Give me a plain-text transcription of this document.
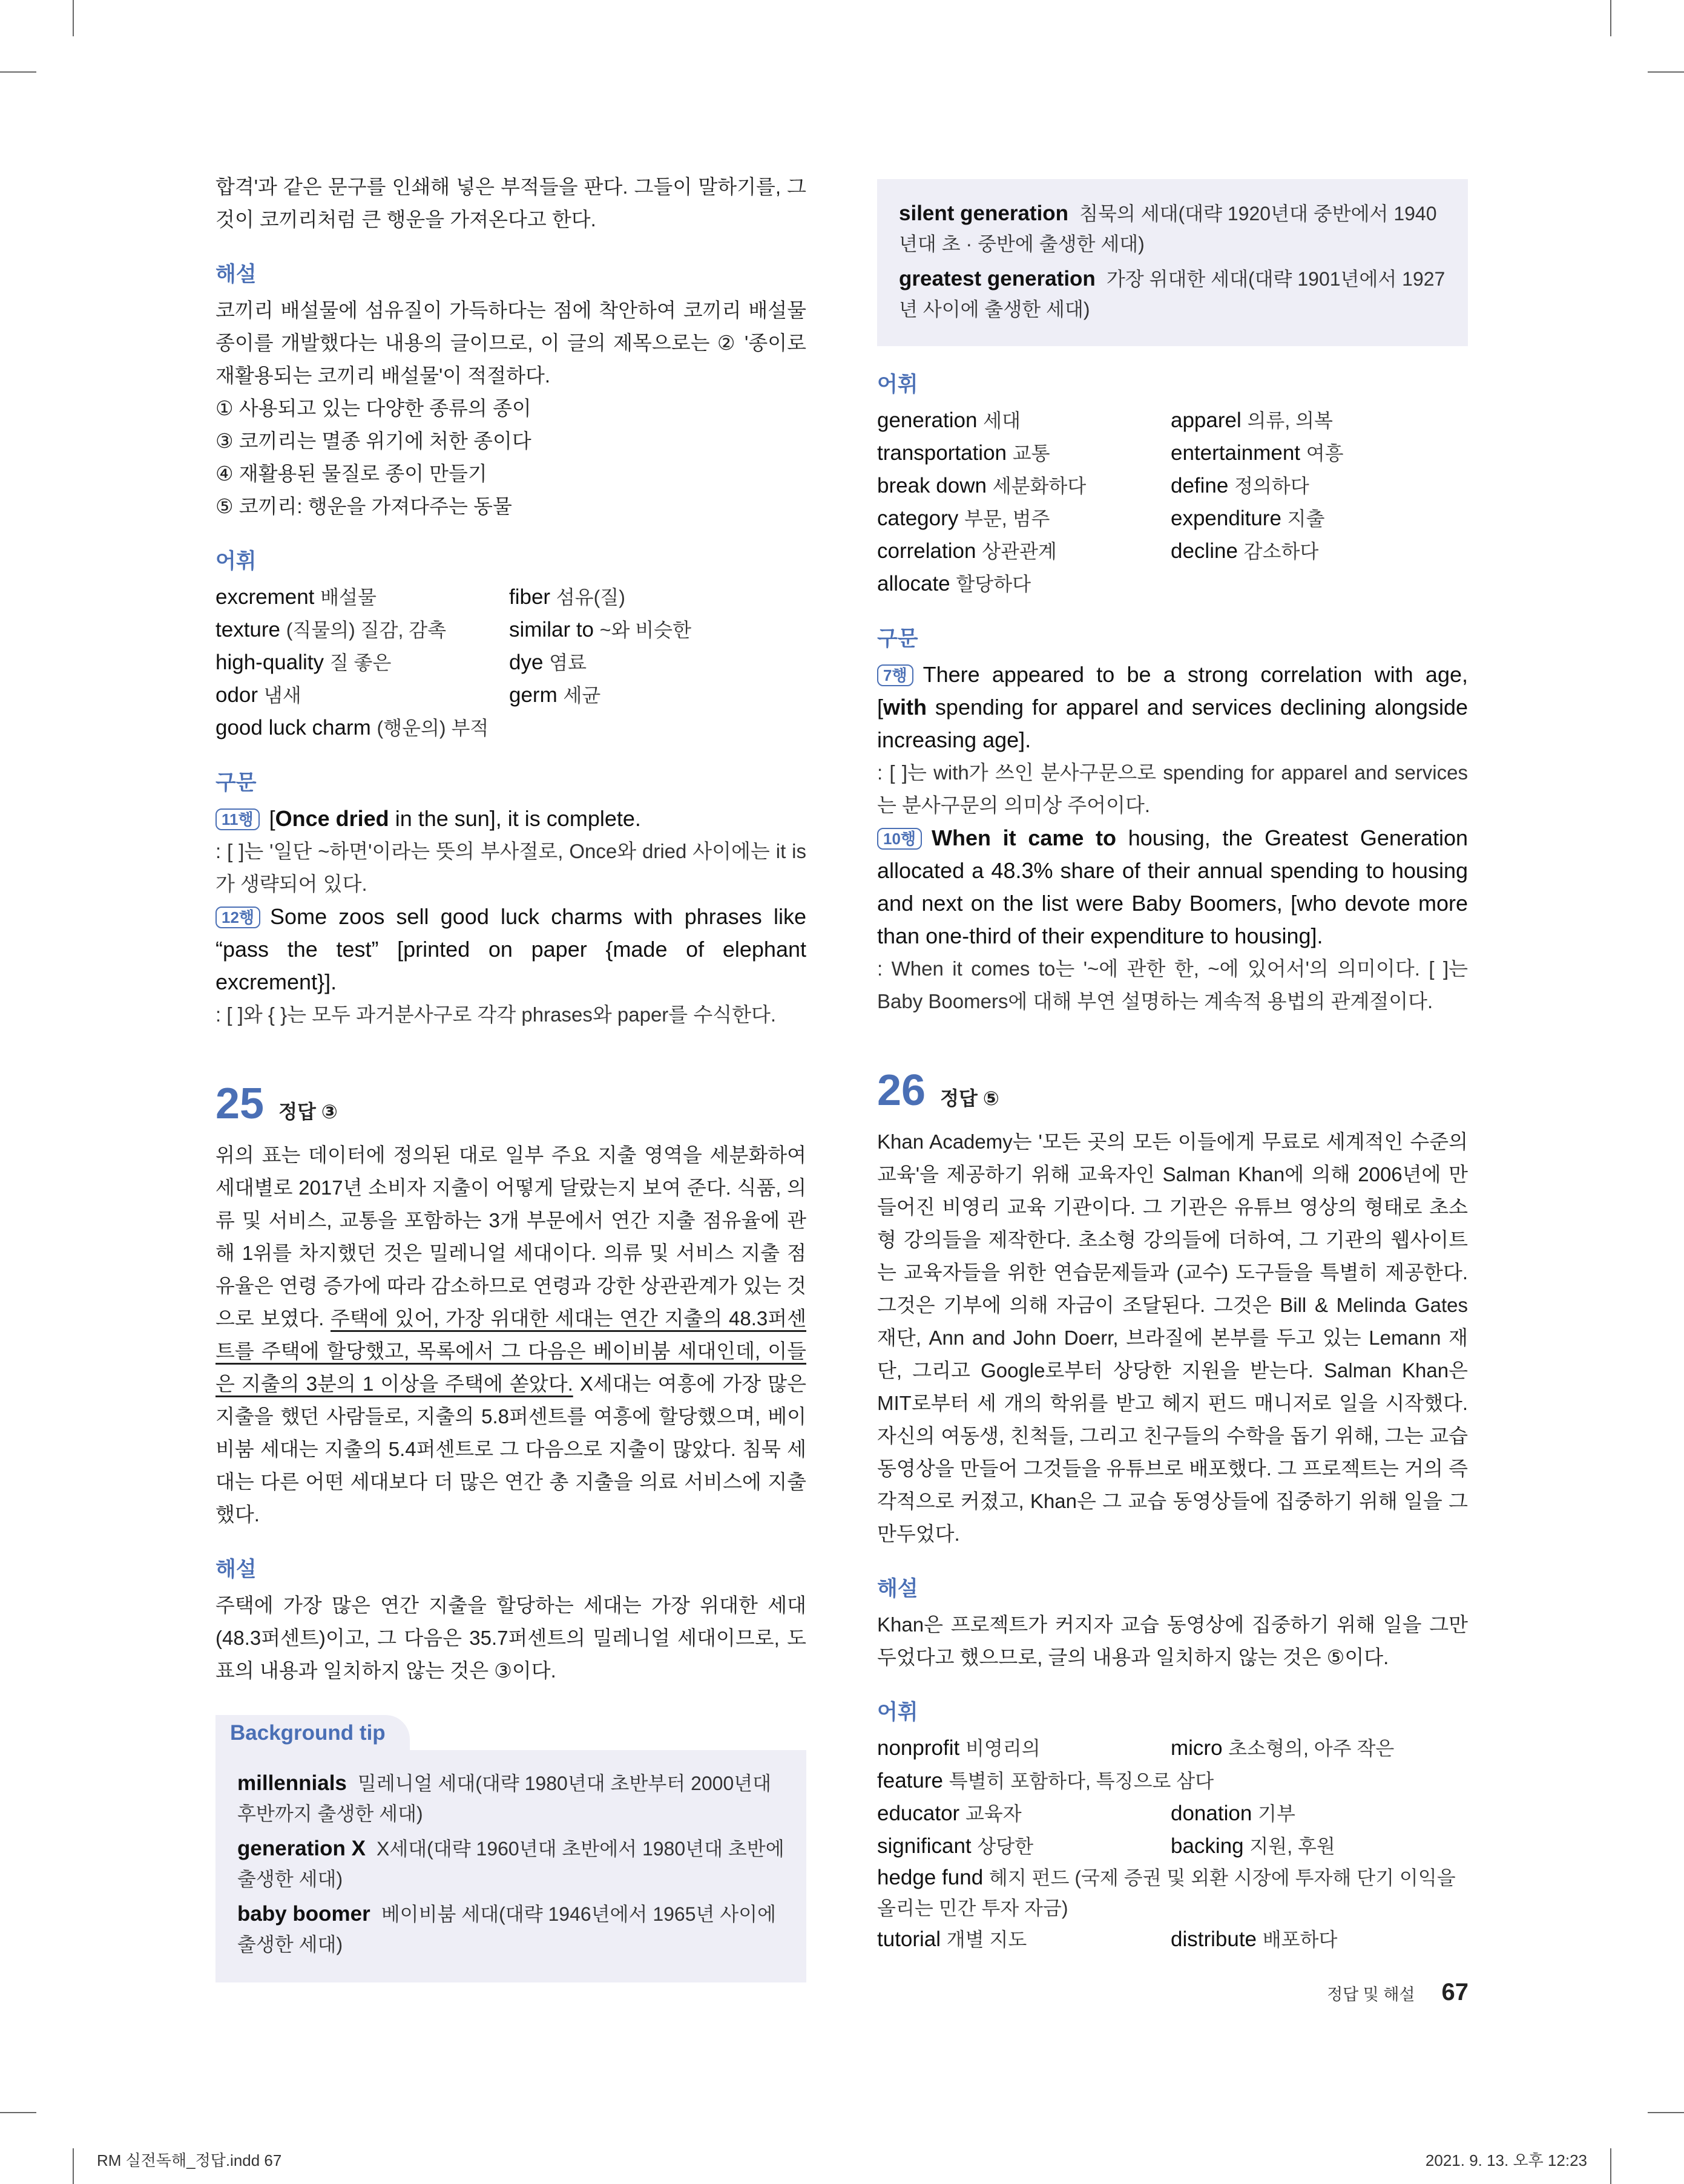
합격'과 같은 문구를 인쇄해 넣은 부적들을 판다. 그들이 말하기를, 그것이 코끼리처럼 큰 행운을 가져온다고 한다.

해설

코끼리 배설물에 섬유질이 가득하다는 점에 착안하여 코끼리 배설물 종이를 개발했다는 내용의 글이므로, 이 글의 제목으로는 ② '종이로 재활용되는 코끼리 배설물'이 적절하다.

① 사용되고 있는 다양한 종류의 종이

③ 코끼리는 멸종 위기에 처한 종이다

④ 재활용된 물질로 종이 만들기

⑤ 코끼리: 행운을 가져다주는 동물

어휘
excrement 배설물	fiber 섬유(질)
texture (직물의) 질감, 감촉	similar to ~와 비슷한
high-quality 질 좋은	dye 염료
odor 냄새	germ 세균
good luck charm (행운의) 부적
구문

11행 [Once dried in the sun], it is complete.

: [ ]는 '일단 ~하면'이라는 뜻의 부사절로, Once와 dried 사이에는 it is가 생략되어 있다.

12행 Some zoos sell good luck charms with phrases like “pass the test” [printed on paper {made of elephant excrement}].

: [ ]와 { }는 모두 과거분사구로 각각 phrases와 paper를 수식한다.

25 정답 ③

위의 표는 데이터에 정의된 대로 일부 주요 지출 영역을 세분화하여 세대별로 2017년 소비자 지출이 어떻게 달랐는지 보여 준다. 식품, 의류 및 서비스, 교통을 포함하는 3개 부문에서 연간 지출 점유율에 관해 1위를 차지했던 것은 밀레니얼 세대이다. 의류 및 서비스 지출 점유율은 연령 증가에 따라 감소하므로 연령과 강한 상관관계가 있는 것으로 보였다. 주택에 있어, 가장 위대한 세대는 연간 지출의 48.3퍼센트를 주택에 할당했고, 목록에서 그 다음은 베이비붐 세대인데, 이들은 지출의 3분의 1 이상을 주택에 쏟았다. X세대는 여흥에 가장 많은 지출을 했던 사람들로, 지출의 5.8퍼센트를 여흥에 할당했으며, 베이비붐 세대는 지출의 5.4퍼센트로 그 다음으로 지출이 많았다. 침묵 세대는 다른 어떤 세대보다 더 많은 연간 총 지출을 의료 서비스에 지출했다.

해설

주택에 가장 많은 연간 지출을 할당하는 세대는 가장 위대한 세대(48.3퍼센트)이고, 그 다음은 35.7퍼센트의 밀레니얼 세대이므로, 도표의 내용과 일치하지 않는 것은 ③이다.

Background tip

millennials 밀레니얼 세대(대략 1980년대 초반부터 2000년대 후반까지 출생한 세대)

generation X X세대(대략 1960년대 초반에서 1980년대 초반에 출생한 세대)

baby boomer 베이비붐 세대(대략 1946년에서 1965년 사이에 출생한 세대)

silent generation 침묵의 세대(대략 1920년대 중반에서 1940년대 초 · 중반에 출생한 세대)

greatest generation 가장 위대한 세대(대략 1901년에서 1927년 사이에 출생한 세대)

어휘
generation 세대	apparel 의류, 의복
transportation 교통	entertainment 여흥
break down 세분화하다	define 정의하다
category 부문, 범주	expenditure 지출
correlation 상관관계	decline 감소하다
allocate 할당하다
구문

7행 There appeared to be a strong correlation with age, [with spending for apparel and services declining alongside increasing age].

: [ ]는 with가 쓰인 분사구문으로 spending for apparel and services는 분사구문의 의미상 주어이다.

10행 When it came to housing, the Greatest Generation allocated a 48.3% share of their annual spending to housing and next on the list were Baby Boomers, [who devote more than one-third of their expenditure to housing].

: When it comes to는 '~에 관한 한, ~에 있어서'의 의미이다. [ ]는 Baby Boomers에 대해 부연 설명하는 계속적 용법의 관계절이다.

26 정답 ⑤

Khan Academy는 '모든 곳의 모든 이들에게 무료로 세계적인 수준의 교육'을 제공하기 위해 교육자인 Salman Khan에 의해 2006년에 만들어진 비영리 교육 기관이다. 그 기관은 유튜브 영상의 형태로 초소형 강의들을 제작한다. 초소형 강의들에 더하여, 그 기관의 웹사이트는 교육자들을 위한 연습문제들과 (교수) 도구들을 특별히 제공한다. 그것은 기부에 의해 자금이 조달된다. 그것은 Bill & Melinda Gates 재단, Ann and John Doerr, 브라질에 본부를 두고 있는 Lemann 재단, 그리고 Google로부터 상당한 지원을 받는다. Salman Khan은 MIT로부터 세 개의 학위를 받고 헤지 펀드 매니저로 일을 시작했다. 자신의 여동생, 친척들, 그리고 친구들의 수학을 돕기 위해, 그는 교습 동영상을 만들어 그것들을 유튜브로 배포했다. 그 프로젝트는 거의 즉각적으로 커졌고, Khan은 그 교습 동영상들에 집중하기 위해 일을 그만두었다.

해설

Khan은 프로젝트가 커지자 교습 동영상에 집중하기 위해 일을 그만두었다고 했으므로, 글의 내용과 일치하지 않는 것은 ⑤이다.

어휘
nonprofit 비영리의	micro 초소형의, 아주 작은
feature 특별히 포함하다, 특징으로 삼다
educator 교육자	donation 기부
significant 상당한	backing 지원, 후원
hedge fund 헤지 펀드 (국제 증권 및 외환 시장에 투자해 단기 이익을 올리는 민간 투자 자금)
tutorial 개별 지도	distribute 배포하다
정답 및 해설 67
RM 실전독해_정답.indd 67	2021. 9. 13. 오후 12:23
